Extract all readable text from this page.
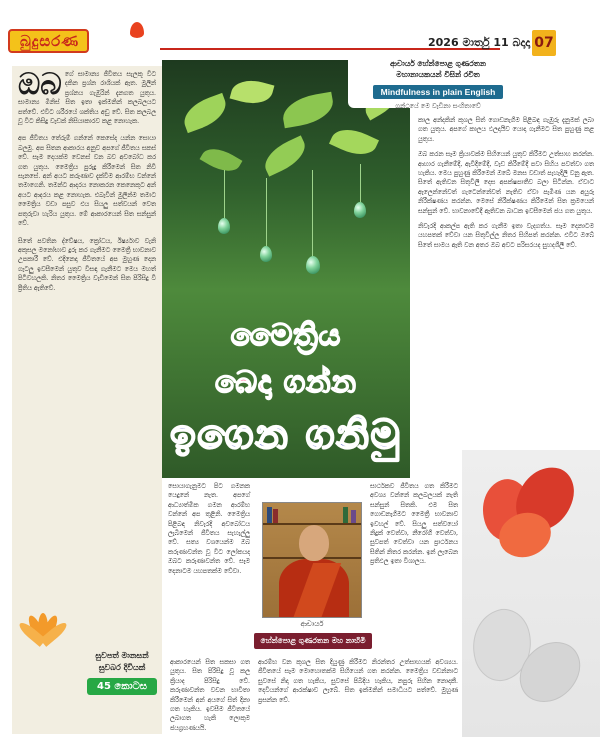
බුදුසරණ	2026 මාර්තු 11 බදාදා 07
ඔබ ගේ සාමාන්‍ය ජීවිතය සැලකූ විට දකින ප්‍රශ්න රාශියක් ඇත. මුලින් ප්‍රශ්නය ගැඹුරින් දැනගත යුතුය. සාමාන්‍ය මිනිස් සිත ඉතා ඉක්මනින් කලබලයට පත්වේ. එවිට ශරීරයේ ශක්තිය අඩු වේ. සිත කලබල වූ විට කිසිදු වැඩක් නිසියාකාරව කළ නොහැක.
අප ජීවිතය තේරුම් ගන්නේ කෙසේද යන්න සොයා බලමු. අප සිතන ආකාරය අනුව අපගේ ජීවිතය සකස් වේ. සෑම දෙයක්ම වෙනස් වන බව අවබෝධ කර ගත යුතුය. මෛත්‍රිය පුරුදු කිරීමෙන් සිත නිවී සැනසේ. අන් අයට කරුණාව දැක්වීම ආරම්භ වන්නේ තමාගෙනි. තමන්ට ආදරය නොකරන කෙනෙකුට අන් අයට ආදරය කළ නොහැක. එබැවින් මුලින්ම තමාට මෛත්‍රිය වඩා පසුව එය සියලු සත්වයන් වෙත පතුරුවා හැරිය යුතුය. මේ ආකාරයෙන් සිත සන්සුන් වේ.
සිතේ පවතින ද්වේෂය, ක්‍රෝධය, ඊර්ෂ්‍යාව වැනි අකුසල මනෝභාව දුරු කර ගැනීමට මෛත්‍රී භාවනාව උපකාරී වේ. එදිනෙදා ජීවිතයේ අප මුහුණ දෙන ගැටලු ඉවසීමෙන් යුතුව විසඳා ගැනීමට මෙය මහත් පිටිවහලකි. නිතර මෛත්‍රිය වැඩීමෙන් සිත පිරිසිදු වී ප්‍රීතිය ඇතිවේ.
මෛත්‍රිය
බෙදා ගන්න
ඉගෙන ගනිමු
ආචාර්ය හේන්පොළ ගුණරතන
මහානායකයන් විසින් රචිත
Mindfulness in plain English
ග්‍රන්ථයේ මෙ වැඩිනා සංහිතාවේ
කාල අන්දකින් කුශල සිත් ගොඩනැගීම පිළිබඳ ගැඹුරු දැනුමක් ලබා ගත යුතුය. අපගේ කාලය ඵලදායීව යොදා ගැනීමට සිත පුහුණු කළ යුතුය.
ඔබ කරන සෑම ක්‍රියාවක්ම සිහියෙන් යුතුව කිරීමට උත්සාහ කරන්න. ආහාර ගැනීමේදී, ඇවිදීමේදී, වැඩ කිරීමේදී පවා සිහිය පවත්වා ගත හැකිය. මෙය පුහුණු කිරීමෙන් ඔබේ මනස වඩාත් පැහැදිලි වනු ඇත. සිතේ ඇතිවන සිතුවිලි දෙස අපක්ෂපාතීව බලා සිටින්න. ඒවාට ඇලෙන්නේවත් ගැටෙන්නේවත් නැතිව ඒවා පැමිණ යන අයුරු නිරීක්ෂණය කරන්න. මෙසේ නිරීක්ෂණය කිරීමෙන් සිත ක්‍රමයෙන් සන්සුන් වේ. භාවනාවේදී ඇතිවන බාධක ඉවසීමෙන් ජය ගත යුතුය.
නිවැරදි ආකල්ප ඇති කර ගැනීම ඉතා වැදගත්ය. සෑම දෙනාටම යහපතක් වේවා යන සිතුවිල්ල නිතර සිහිපත් කරන්න. එවිට ඔබේ සිතේ සාමය ඇති වන අතර ඔබ අවට පරිසරයද සුහදශීලී වේ.
සොයාගැනුමට පිට ගමනක යෙදුනේ නැත. අපගේ ආධ්‍යාත්මික ගමන ආරම්භ වන්නේ අප තුළිනි. මෛත්‍රිය පිළිබඳ නිවැරදි අවබෝධය ලැබීමෙන් ජීවිතය සැහැල්ලු වේ. සත්‍ය වශයෙන්ම ඔබ කරුණාවන්ත වූ විට ලෝකයද ඔබට කරුණාවන්ත වේ. සෑම දෙනාටම යහපතක්ම වේවා.
සාර්ථකව ජීවිතය ගත කිරීමට අවශ්‍ය වන්නේ කලබලයක් නැති සන්සුන් සිතකි. එම සිත ගොඩනැගීමට මෛත්‍රී භාවනාව ඉවහල් වේ. සියලු සත්වයෝ නිදුක් වෙත්වා, නීරෝගී වෙත්වා, සුවපත් වෙත්වා යන ප්‍රාර්ථනය සිතින් නිතර කරන්න. ඉන් ලැබෙන ප්‍රතිඵල ඉතා විශාලය.
ආචාර්ය
හේන්පොළ ගුණරතන මහ නාහිමි
ආකාරයෙන් සිත සකසා ගත යුතුය. සිත පිරිසිදු වූ කල ක්‍රියාද පිරිසිදු වේ. කරුණාවන්ත වචන භාවිතා කිරීමෙන් අන් අයගේ සිත් දිනා ගත හැකිය. ඉවසීම ජීවිතයේ ලබාගත හැකි ලොකුම ජයග්‍රහණයයි.
ආරම්භ වන කුශල සිත දියුණු කිරීමට නිරන්තර උත්සාහයක් අවශ්‍යය. ජීවිතයේ සෑම මොහොතක්ම සිහියෙන් ගත කරන්න. මෛත්‍රිය වඩන්නාට සුවසේ නිදා ගත හැකිය, සුවසේ පිබිදිය හැකිය, නපුරු සිහින නොදකී. දෙවියන්ගේ ආරක්ෂාව ලැබේ. සිත ඉක්මනින් සමාධියට පත්වේ. මුහුණ ප්‍රසන්න වේ.
සුවපත් මානසන්
සුවබර දිවියක්
45 කොටස
